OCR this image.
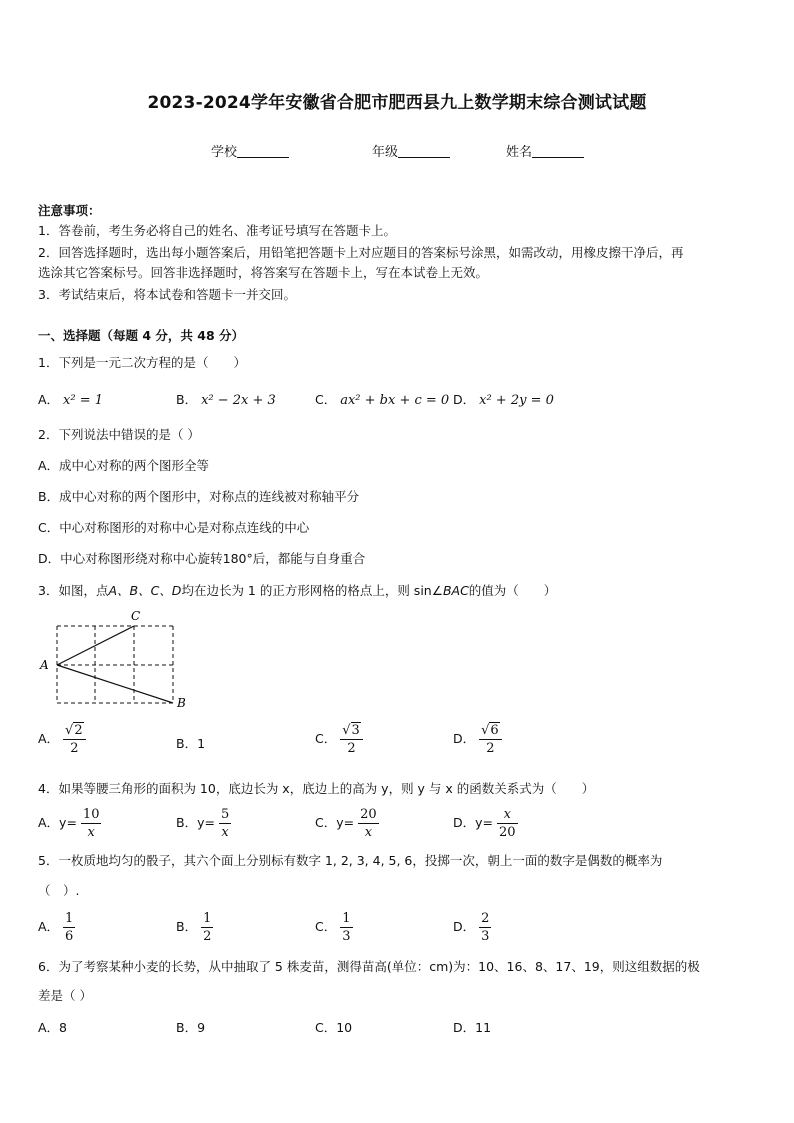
2023-2024学年安徽省合肥市肥西县九上数学期末综合测试试题
学校	年级	姓名
注意事项：
1．答卷前，考生务必将自己的姓名、准考证号填写在答题卡上。
2．回答选择题时，选出每小题答案后，用铅笔把答题卡上对应题目的答案标号涂黑，如需改动，用橡皮擦干净后，再
选涂其它答案标号。回答非选择题时，将答案写在答题卡上，写在本试卷上无效。
3．考试结束后，将本试卷和答题卡一并交回。
一、选择题（每题 4 分，共 48 分）
1．下列是一元二次方程的是（　　）
A． x² = 1	B． x² − 2x + 3	C． ax² + bx + c = 0 D． x² + 2y = 0
2．下列说法中错误的是（ ）
A．成中心对称的两个图形全等
B．成中心对称的两个图形中，对称点的连线被对称轴平分
C．中心对称图形的对称中心是对称点连线的中心
D．中心对称图形绕对称中心旋转180°后，都能与自身重合
3．如图，点A、B、C、D均在边长为 1 的正方形网格的格点上，则 sin∠BAC的值为（　　）
A
C
B
A． $\frac{√2}{2}$	B．1	C． $\frac{√3}{2}$	D． $\frac{√6}{2}$
4．如果等腰三角形的面积为 10，底边长为 x，底边上的高为 y，则 y 与 x 的函数关系式为（　　）
A．$y= \frac{10}{x}$	B．$y= \frac{5}{x}$	C．$y= \frac{20}{x}$	D．$y= \frac{x}{20}$
5．一枚质地均匀的骰子，其六个面上分别标有数字 1, 2, 3, 4, 5, 6，投掷一次，朝上一面的数字是偶数的概率为
（　）.
A． $\frac{1}{6}$	B． $\frac{1}{2}$	C． $\frac{1}{3}$	D． $\frac{2}{3}$
6．为了考察某种小麦的长势，从中抽取了 5 株麦苗，测得苗高(单位：cm)为：10、16、8、17、19，则这组数据的极
差是（ ）
A．8	B．9	C．10	D．11
